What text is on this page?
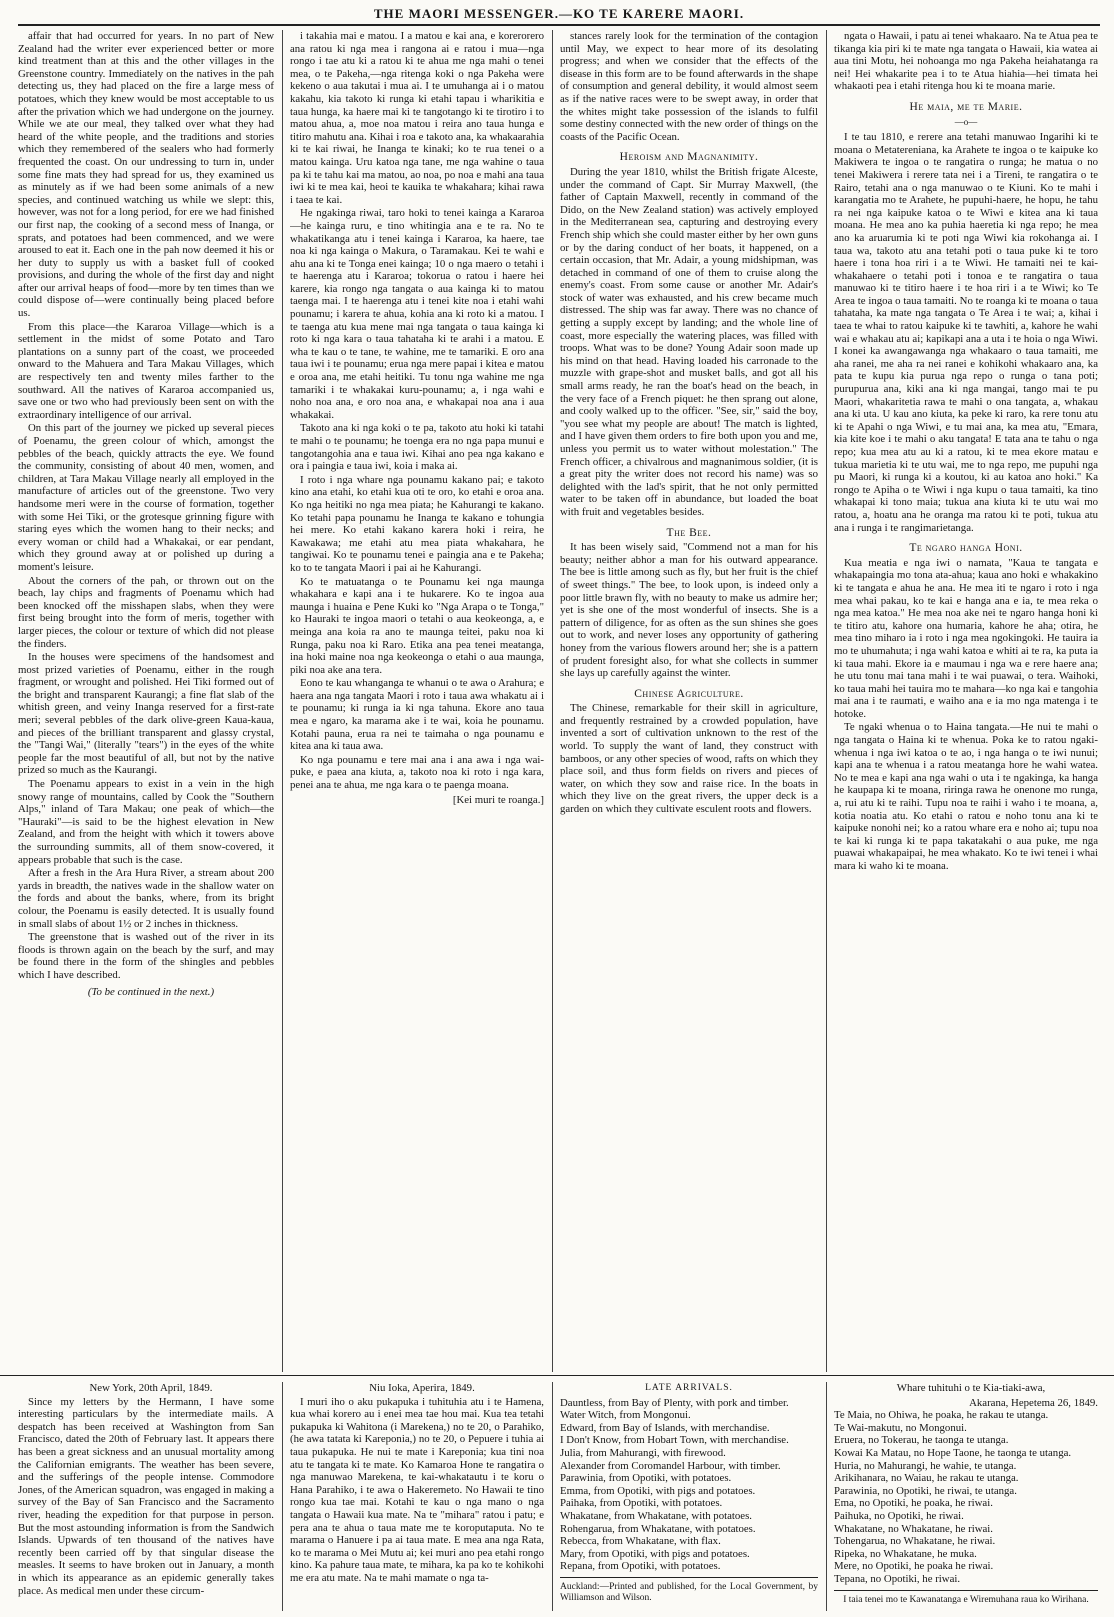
THE MAORI MESSENGER.—KO TE KARERE MAORI.

affair that had occurred for years. In no part of New Zealand had the writer ever experienced better or more kind treatment than at this and the other villages in the Greenstone country. Immediately on the natives in the pah detecting us, they had placed on the fire a large mess of potatoes, which they knew would be most acceptable to us after the privation which we had undergone on the journey. While we ate our meal, they talked over what they had heard of the white people, and the traditions and stories which they remembered of the sealers who had formerly frequented the coast. On our undressing to turn in, under some fine mats they had spread for us, they examined us as minutely as if we had been some animals of a new species, and continued watching us while we slept: this, however, was not for a long period, for ere we had finished our first nap, the cooking of a second mess of Inanga, or sprats, and potatoes had been commenced, and we were aroused to eat it. Each one in the pah now deemed it his or her duty to supply us with a basket full of cooked provisions, and during the whole of the first day and night after our arrival heaps of food—more by ten times than we could dispose of—were continually being placed before us.

From this place—the Kararoa Village—which is a settlement in the midst of some Potato and Taro plantations on a sunny part of the coast, we proceeded onward to the Mahuera and Tara Makau Villages, which are respectively ten and twenty miles farther to the southward. All the natives of Kararoa accompanied us, save one or two who had previously been sent on with the extraordinary intelligence of our arrival.

On this part of the journey we picked up several pieces of Poenamu, the green colour of which, amongst the pebbles of the beach, quickly attracts the eye. We found the community, consisting of about 40 men, women, and children, at Tara Makau Village nearly all employed in the manufacture of articles out of the greenstone. Two very handsome meri were in the course of formation, together with some Hei Tiki, or the grotesque grinning figure with staring eyes which the women hang to their necks; and every woman or child had a Whakakai, or ear pendant, which they ground away at or polished up during a moment's leisure.

About the corners of the pah, or thrown out on the beach, lay chips and fragments of Poenamu which had been knocked off the misshapen slabs, when they were first being brought into the form of meris, together with larger pieces, the colour or texture of which did not please the finders.

In the houses were specimens of the handsomest and most prized varieties of Poenamu, either in the rough fragment, or wrought and polished. Hei Tiki formed out of the bright and transparent Kaurangi; a fine flat slab of the whitish green, and veiny Inanga reserved for a first-rate meri; several pebbles of the dark olive-green Kaua-kaua, and pieces of the brilliant transparent and glassy crystal, the "Tangi Wai," (literally "tears") in the eyes of the white people far the most beautiful of all, but not by the native prized so much as the Kaurangi.

The Poenamu appears to exist in a vein in the high snowy range of mountains, called by Cook the "Southern Alps," inland of Tara Makau; one peak of which—the "Hauraki"—is said to be the highest elevation in New Zealand, and from the height with which it towers above the surrounding summits, all of them snow-covered, it appears probable that such is the case.

After a fresh in the Ara Hura River, a stream about 200 yards in breadth, the natives wade in the shallow water on the fords and about the banks, where, from its bright colour, the Poenamu is easily detected. It is usually found in small slabs of about 1½ or 2 inches in thickness.

The greenstone that is washed out of the river in its floods is thrown again on the beach by the surf, and may be found there in the form of the shingles and pebbles which I have described.

(To be continued in the next.)

i takahia mai e matou. I a matou e kai ana, e korerorero ana ratou ki nga mea i rangona ai e ratou i mua—nga rongo i tae atu ki a ratou ki te ahua me nga mahi o tenei mea, o te Pakeha,—nga ritenga koki o nga Pakeha were kekeno o aua takutai i mua ai. I te umuhanga ai i o matou kakahu, kia takoto ki runga ki etahi tapau i wharikitia e taua hunga, ka haere mai ki te tangotango ki te tirotiro i to matou ahua, a, moe noa matou i reira ano taua hunga e titiro mahutu ana. Kihai i roa e takoto ana, ka whakaarahia ki te kai riwai, he Inanga te kinaki; ko te rua tenei o a matou kainga. Uru katoa nga tane, me nga wahine o taua pa ki te tahu kai ma matou, ao noa, po noa e mahi ana taua iwi ki te mea kai, heoi te kauika te whakahara; kihai rawa i taea te kai.

He ngakinga riwai, taro hoki to tenei kainga a Kararoa—he kainga ruru, e tino whitingia ana e te ra. No te whakatikanga atu i tenei kainga i Kararoa, ka haere, tae noa ki nga kainga o Makura, o Taramakau. Kei te wahi e ahu ana ki te Tonga enei kainga; 10 o nga maero o tetahi i te haerenga atu i Kararoa; tokorua o ratou i haere hei karere, kia rongo nga tangata o aua kainga ki to matou taenga mai. I te haerenga atu i tenei kite noa i etahi wahi pounamu; i karera te ahua, kohia ana ki roto ki a matou. I te taenga atu kua mene mai nga tangata o taua kainga ki roto ki nga kara o taua tahataha ki te arahi i a matou. E wha te kau o te tane, te wahine, me te tamariki. E oro ana taua iwi i te pounamu; erua nga mere papai i kitea e matou e oroa ana, me etahi heitiki. Tu tonu nga wahine me nga tamariki i te whakakai kuru-pounamu; a, i nga wahi e noho noa ana, e oro noa ana, e whakapai noa ana i aua whakakai.

Takoto ana ki nga koki o te pa, takoto atu hoki ki tatahi te mahi o te pounamu; he toenga era no nga papa munui e tangotangohia ana e taua iwi. Kihai ano pea nga kakano e ora i paingia e taua iwi, koia i maka ai.

I roto i nga whare nga pounamu kakano pai; e takoto kino ana etahi, ko etahi kua oti te oro, ko etahi e oroa ana. Ko nga heitiki no nga mea piata; he Kahurangi te kakano. Ko tetahi papa pounamu he Inanga te kakano e tohungia hei mere. Ko etahi kakano karera hoki i reira, he Kawakawa; me etahi atu mea piata whakahara, he tangiwai. Ko te pounamu tenei e paingia ana e te Pakeha; ko to te tangata Maori i pai ai he Kahurangi.

Ko te matuatanga o te Pounamu kei nga maunga whakahara e kapi ana i te hukarere. Ko te ingoa aua maunga i huaina e Pene Kuki ko "Nga Arapa o te Tonga," ko Hauraki te ingoa maori o tetahi o aua keokeonga, a, e meinga ana koia ra ano te maunga teitei, paku noa ki Runga, paku noa ki Raro. Etika ana pea tenei meatanga, ina hoki maine noa nga keokeonga o etahi o aua maunga, piki noa ake ana tera.

Eono te kau whanganga te whanui o te awa o Arahura; e haera ana nga tangata Maori i roto i taua awa whakatu ai i te pounamu; ki runga ia ki nga tahuna. Ekore ano taua mea e ngaro, ka marama ake i te wai, koia he pounamu. Kotahi pauna, erua ra nei te taimaha o nga pounamu e kitea ana ki taua awa.

Ko nga pounamu e tere mai ana i ana awa i nga wai-puke, e paea ana kiuta, a, takoto noa ki roto i nga kara, penei ana te ahua, me nga kara o te paenga moana.

[Kei muri te roanga.]

stances rarely look for the termination of the contagion until May, we expect to hear more of its desolating progress; and when we consider that the effects of the disease in this form are to be found afterwards in the shape of consumption and general debility, it would almost seem as if the native races were to be swept away, in order that the whites might take possession of the islands to fulfil some destiny connected with the new order of things on the coasts of the Pacific Ocean.

Heroism and Magnanimity.

During the year 1810, whilst the British frigate Alceste, under the command of Capt. Sir Murray Maxwell, (the father of Captain Maxwell, recently in command of the Dido, on the New Zealand station) was actively employed in the Mediterranean sea, capturing and destroying every French ship which she could master either by her own guns or by the daring conduct of her boats, it happened, on a certain occasion, that Mr. Adair, a young midshipman, was detached in command of one of them to cruise along the enemy's coast. From some cause or another Mr. Adair's stock of water was exhausted, and his crew became much distressed. The ship was far away. There was no chance of getting a supply except by landing; and the whole line of coast, more especially the watering places, was filled with troops. What was to be done? Young Adair soon made up his mind on that head. Having loaded his carronade to the muzzle with grape-shot and musket balls, and got all his small arms ready, he ran the boat's head on the beach, in the very face of a French piquet: he then sprang out alone, and cooly walked up to the officer. "See, sir," said the boy, "you see what my people are about! The match is lighted, and I have given them orders to fire both upon you and me, unless you permit us to water without molestation." The French officer, a chivalrous and magnanimous soldier, (it is a great pity the writer does not record his name) was so delighted with the lad's spirit, that he not only permitted water to be taken off in abundance, but loaded the boat with fruit and vegetables besides.

The Bee.

It has been wisely said, "Commend not a man for his beauty; neither abhor a man for his outward appearance. The bee is little among such as fly, but her fruit is the chief of sweet things." The bee, to look upon, is indeed only a poor little brawn fly, with no beauty to make us admire her; yet is she one of the most wonderful of insects. She is a pattern of diligence, for as often as the sun shines she goes out to work, and never loses any opportunity of gathering honey from the various flowers around her; she is a pattern of prudent foresight also, for what she collects in summer she lays up carefully against the winter.

Chinese Agriculture.

The Chinese, remarkable for their skill in agriculture, and frequently restrained by a crowded population, have invented a sort of cultivation unknown to the rest of the world. To supply the want of land, they construct with bamboos, or any other species of wood, rafts on which they place soil, and thus form fields on rivers and pieces of water, on which they sow and raise rice. In the boats in which they live on the great rivers, the upper deck is a garden on which they cultivate esculent roots and flowers.

ngata o Hawaii, i patu ai tenei whakaaro. Na te Atua pea te tikanga kia piri ki te mate nga tangata o Hawaii, kia watea ai aua tini Motu, hei nohoanga mo nga Pakeha heiahatanga ra nei! Hei whakarite pea i to te Atua hiahia—hei timata hei whakaoti pea i etahi ritenga hou ki te moana marie.

He maia, me te Marie.
—o—

I te tau 1810, e rerere ana tetahi manuwao Ingarihi ki te moana o Metatereniana, ka Arahete te ingoa o te kaipuke ko Makiwera te ingoa o te rangatira o runga; he matua o no tenei Makiwera i rerere tata nei i a Tireni, te rangatira o te Rairo, tetahi ana o nga manuwao o te Kiuni. Ko te mahi i karangatia mo te Arahete, he pupuhi-haere, he hopu, he tahu ra nei nga kaipuke katoa o te Wiwi e kitea ana ki taua moana. He mea ano ka puhia haeretia ki nga repo; he mea ano ka aruarumia ki te poti nga Wiwi kia rokohanga ai. I taua wa, takoto atu ana tetahi poti o taua puke ki te toro haere i tona hoa riri i a te Wiwi. He tamaiti nei te kai-whakahaere o tetahi poti i tonoa e te rangatira o taua manuwao ki te titiro haere i te hoa riri i a te Wiwi; ko Te Area te ingoa o taua tamaiti. No te roanga ki te moana o taua tahataha, ka mate nga tangata o Te Area i te wai; a, kihai i taea te whai to ratou kaipuke ki te tawhiti, a, kahore he wahi wai e whakau atu ai; kapikapi ana a uta i te hoia o nga Wiwi. I konei ka awangawanga nga whakaaro o taua tamaiti, me aha ranei, me aha ra nei ranei e kohikohi whakaaro ana, ka pata te kupu kia purua nga repo o runga o tana poti; purupurua ana, kiki ana ki nga mangai, tango mai te pu Maori, whakaritetia rawa te mahi o ona tangata, a, whakau ana ki uta. U kau ano kiuta, ka peke ki raro, ka rere tonu atu ki te Apahi o nga Wiwi, e tu mai ana, ka mea atu, "Emara, kia kite koe i te mahi o aku tangata! E tata ana te tahu o nga repo; kua mea atu au ki a ratou, ki te mea ekore matau e tukua marietia ki te utu wai, me to nga repo, me pupuhi nga pu Maori, ki runga ki a koutou, ki au katoa ano hoki." Ka rongo te Apiha o te Wiwi i nga kupu o taua tamaiti, ka tino whakapai ki tono maia; tukua ana kiuta ki te utu wai mo ratou, a, hoatu ana he oranga ma ratou ki te poti, tukua atu ana i runga i te rangimarietanga.

Te ngaro hanga Honi.

Kua meatia e nga iwi o namata, "Kaua te tangata e whakapaingia mo tona ata-ahua; kaua ano hoki e whakakino ki te tangata e ahua he ana. He mea iti te ngaro i roto i nga mea whai pakau, ko te kai e hanga ana e ia, te mea reka o nga mea katoa." He mea noa ake nei te ngaro hanga honi ki te titiro atu, kahore ona humaria, kahore he aha; otira, he mea tino miharo ia i roto i nga mea ngokingoki. He tauira ia mo te uhumahuta; i nga wahi katoa e whiti ai te ra, ka puta ia ki taua mahi. Ekore ia e maumau i nga wa e rere haere ana; he utu tonu mai tana mahi i te wai puawai, o tera. Waihoki, ko taua mahi hei tauira mo te mahara—ko nga kai e tangohia mai ana i te raumati, e waiho ana e ia mo nga matenga i te hotoke.

Te ngaki whenua o to Haina tangata.—He nui te mahi o nga tangata o Haina ki te whenua. Poka ke to ratou ngaki-whenua i nga iwi katoa o te ao, i nga hanga o te iwi nunui; kapi ana te whenua i a ratou meatanga hore he wahi watea. No te mea e kapi ana nga wahi o uta i te ngakinga, ka hanga he kaupapa ki te moana, riringa rawa he onenone mo runga, a, rui atu ki te raihi. Tupu noa te raihi i waho i te moana, a, kotia noatia atu. Ko etahi o ratou e noho tonu ana ki te kaipuke nonohi nei; ko a ratou whare era e noho ai; tupu noa te kai ki runga ki te papa takatakahi o aua puke, me nga puawai whakapaipai, he mea whakato. Ko te iwi tenei i whai mara ki waho ki te moana.

New York, 20th April, 1849.

Since my letters by the Hermann, I have some interesting particulars by the intermediate mails. A despatch has been received at Washington from San Francisco, dated the 20th of February last. It appears there has been a great sickness and an unusual mortality among the Californian emigrants. The weather has been severe, and the sufferings of the people intense. Commodore Jones, of the American squadron, was engaged in making a survey of the Bay of San Francisco and the Sacramento river, heading the expedition for that purpose in person. But the most astounding information is from the Sandwich Islands. Upwards of ten thousand of the natives have recently been carried off by that singular disease the measles. It seems to have broken out in January, a month in which its appearance as an epidemic generally takes place. As medical men under these circum-

Niu Ioka, Aperira, 1849.

I muri iho o aku pukapuka i tuhituhia atu i te Hamena, kua whai korero au i enei mea tae hou mai. Kua tea tetahi pukapuka ki Wahitona (i Marekena,) no te 20, o Parahiko, (he awa tatata ki Kareponia,) no te 20, o Pepuere i tuhia ai taua pukapuka. He nui te mate i Kareponia; kua tini noa atu te tangata ki te mate. Ko Kamaroa Hone te rangatira o nga manuwao Marekena, te kai-whakatautu i te koru o Hana Parahiko, i te awa o Hakeremeto. No Hawaii te tino rongo kua tae mai. Kotahi te kau o nga mano o nga tangata o Hawaii kua mate. Na te "mihara" ratou i patu; e pera ana te ahua o taua mate me te koroputaputa. No te marama o Hanuere i pa ai taua mate. E mea ana nga Rata, ko te marama o Mei Mutu ai; kei muri ano pea etahi rongo kino. Ka pahure taua mate, te mihara, ka pa ko te kohikohi me era atu mate. Na te mahi mamate o nga ta-

LATE ARRIVALS.
Dauntless, from Bay of Plenty, with pork and timber.
Water Witch, from Mongonui.
Edward, from Bay of Islands, with merchandise.
I Don't Know, from Hobart Town, with merchandise.
Julia, from Mahurangi, with firewood.
Alexander from Coromandel Harbour, with timber.
Parawinia, from Opotiki, with potatoes.
Emma, from Opotiki, with pigs and potatoes.
Paihaka, from Opotiki, with potatoes.
Whakatane, from Whakatane, with potatoes.
Rohengarua, from Whakatane, with potatoes.
Rebecca, from Whakatane, with flax.
Mary, from Opotiki, with pigs and potatoes.
Repana, from Opotiki, with potatoes.

Auckland:—Printed and published, for the Local Government, by Williamson and Wilson.

Whare tuhituhi o te Kia-tiaki-awa,

Akarana, Hepetema 26, 1849.

Te Maia, no Ohiwa, he poaka, he rakau te utanga.
Te Wai-makutu, no Mongonui.
Eruera, no Tokerau, he taonga te utanga.
Kowai Ka Matau, no Hope Taone, he taonga te utanga.
Huria, no Mahurangi, he wahie, te utanga.
Arikihanara, no Waiau, he rakau te utanga.
Parawinia, no Opotiki, he riwai, te utanga.
Ema, no Opotiki, he poaka, he riwai.
Paihuka, no Opotiki, he riwai.
Whakatane, no Whakatane, he riwai.
Tohengarua, no Whakatane, he riwai.
Ripeka, no Whakatane, he muka.
Mere, no Opotiki, he poaka he riwai.
Tepana, no Opotiki, he riwai.

I taia tenei mo te Kawanatanga e Wiremuhana raua ko Wirihana.
